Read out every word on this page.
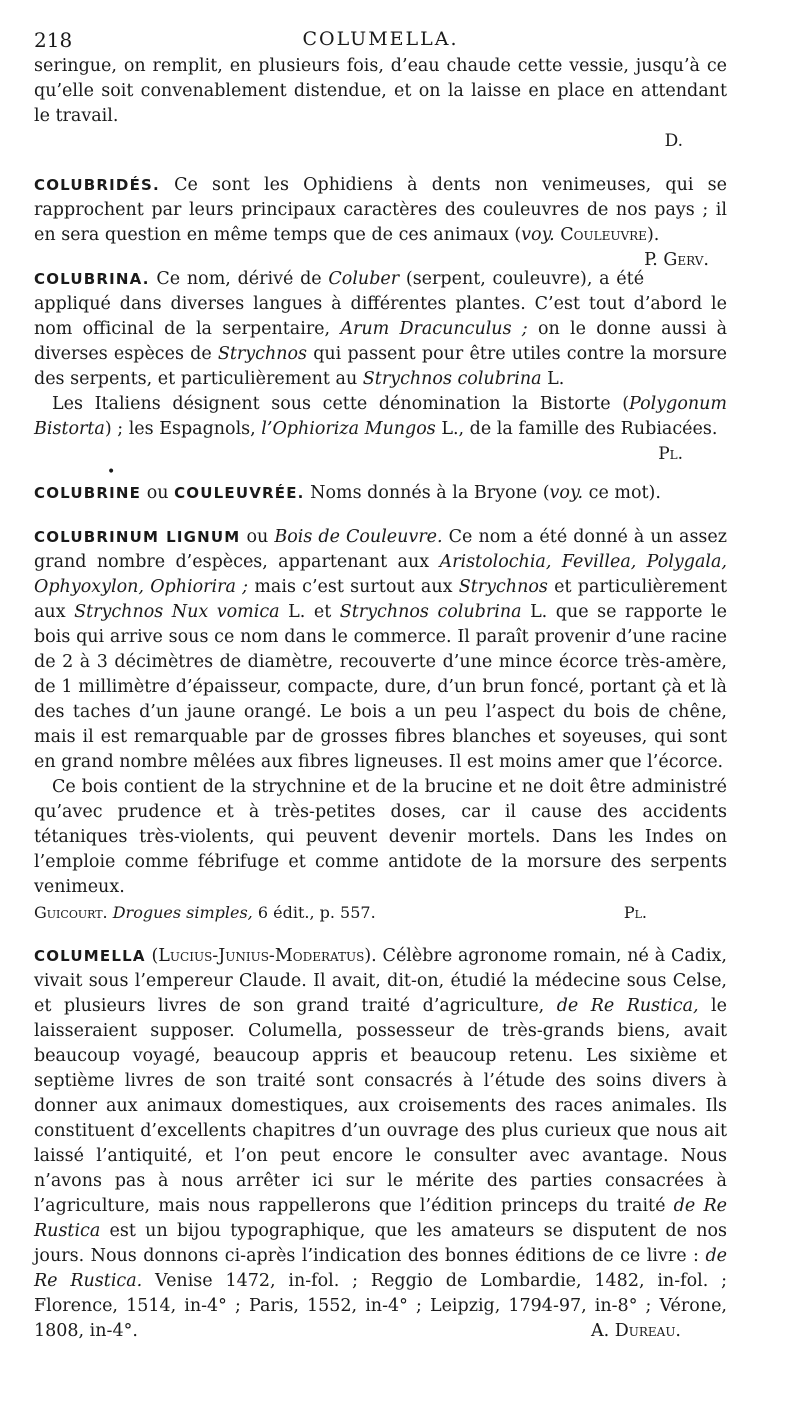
218	COLUMELLA.
seringue, on remplit, en plusieurs fois, d’eau chaude cette vessie, jusqu’à ce qu’elle soit convenablement distendue, et on la laisse en place en attendant le travail.
D.
COLUBRIDÉS. Ce sont les Ophidiens à dents non venimeuses, qui se rapprochent par leurs principaux caractères des couleuvres de nos pays ; il en sera question en même temps que de ces animaux (voy. Couleuvre).
P. Gerv.
COLUBRINA. Ce nom, dérivé de Coluber (serpent, couleuvre), a été appliqué dans diverses langues à différentes plantes. C’est tout d’abord le nom officinal de la serpentaire, Arum Dracunculus ; on le donne aussi à diverses espèces de Strychnos qui passent pour être utiles contre la morsure des serpents, et particulièrement au Strychnos colubrina L.
Les Italiens désignent sous cette dénomination la Bistorte (Polygonum Bistorta) ; les Espagnols, l’Ophioriza Mungos L., de la famille des Rubiacées.
Pl.
•
COLUBRINE ou COULEUVRÉE. Noms donnés à la Bryone (voy. ce mot).
COLUBRINUM LIGNUM ou Bois de Couleuvre. Ce nom a été donné à un assez grand nombre d’espèces, appartenant aux Aristolochia, Fevillea, Polygala, Ophyoxylon, Ophiorira ; mais c’est surtout aux Strychnos et particulièrement aux Strychnos Nux vomica L. et Strychnos colubrina L. que se rapporte le bois qui arrive sous ce nom dans le commerce. Il paraît provenir d’une racine de 2 à 3 décimètres de diamètre, recouverte d’une mince écorce très-amère, de 1 millimètre d’épaisseur, compacte, dure, d’un brun foncé, portant çà et là des taches d’un jaune orangé. Le bois a un peu l’aspect du bois de chêne, mais il est remarquable par de grosses fibres blanches et soyeuses, qui sont en grand nombre mêlées aux fibres ligneuses. Il est moins amer que l’écorce.
Ce bois contient de la strychnine et de la brucine et ne doit être administré qu’avec prudence et à très-petites doses, car il cause des accidents tétaniques très-violents, qui peuvent devenir mortels. Dans les Indes on l’emploie comme fébrifuge et comme antidote de la morsure des serpents venimeux.
Guicourt. Drogues simples, 6 édit., p. 557.	Pl.
COLUMELLA (Lucius-Junius-Moderatus). Célèbre agronome romain, né à Cadix, vivait sous l’empereur Claude. Il avait, dit-on, étudié la médecine sous Celse, et plusieurs livres de son grand traité d’agriculture, de Re Rustica, le laisseraient supposer. Columella, possesseur de très-grands biens, avait beaucoup voyagé, beaucoup appris et beaucoup retenu. Les sixième et septième livres de son traité sont consacrés à l’étude des soins divers à donner aux animaux domestiques, aux croisements des races animales. Ils constituent d’excellents chapitres d’un ouvrage des plus curieux que nous ait laissé l’antiquité, et l’on peut encore le consulter avec avantage. Nous n’avons pas à nous arrêter ici sur le mérite des parties consacrées à l’agriculture, mais nous rappellerons que l’édition princeps du traité de Re Rustica est un bijou typographique, que les amateurs se disputent de nos jours. Nous donnons ci-après l’indication des bonnes éditions de ce livre : de Re Rustica. Venise 1472, in-fol. ; Reggio de Lombardie, 1482, in-fol. ; Florence, 1514, in-4° ; Paris, 1552, in-4° ; Leipzig, 1794-97, in-8° ; Vérone, 1808, in-4°.	A. Dureau.
